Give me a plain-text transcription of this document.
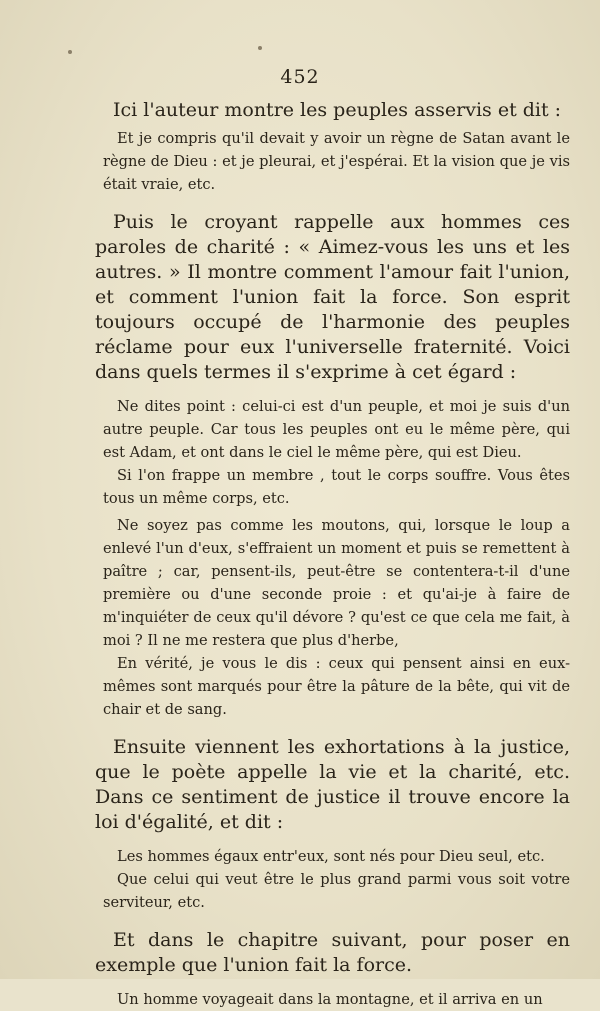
452

Ici l'auteur montre les peuples asservis et dit :

Et je compris qu'il devait y avoir un règne de Satan avant le règne de Dieu : et je pleurai, et j'espérai. Et la vision que je vis était vraie, etc.

Puis le croyant rappelle aux hommes ces paroles de charité : « Aimez-vous les uns et les autres. » Il montre comment l'amour fait l'union, et comment l'union fait la force. Son esprit toujours occupé de l'harmonie des peuples réclame pour eux l'universelle fraternité. Voici dans quels termes il s'exprime à cet égard :

Ne dites point : celui-ci est d'un peuple, et moi je suis d'un autre peuple. Car tous les peuples ont eu le même père, qui est Adam, et ont dans le ciel le même père, qui est Dieu.

Si l'on frappe un membre , tout le corps souffre. Vous êtes tous un même corps, etc.

Ne soyez pas comme les moutons, qui, lorsque le loup a enlevé l'un d'eux, s'effraient un moment et puis se remettent à paître ; car, pensent-ils, peut-être se contentera-t-il d'une première ou d'une seconde proie : et qu'ai-je à faire de m'inquiéter de ceux qu'il dévore ? qu'est ce que cela me fait, à moi ? Il ne me restera que plus d'herbe,

En vérité, je vous le dis : ceux qui pensent ainsi en eux-mêmes sont marqués pour être la pâture de la bête, qui vit de chair et de sang.

Ensuite viennent les exhortations à la justice, que le poète appelle la vie et la charité, etc. Dans ce sentiment de justice il trouve encore la loi d'égalité, et dit :

Les hommes égaux entr'eux, sont nés pour Dieu seul, etc.

Que celui qui veut être le plus grand parmi vous soit votre serviteur, etc.

Et dans le chapitre suivant, pour poser en exemple que l'union fait la force.

Un homme voyageait dans la montagne, et il arriva en un
